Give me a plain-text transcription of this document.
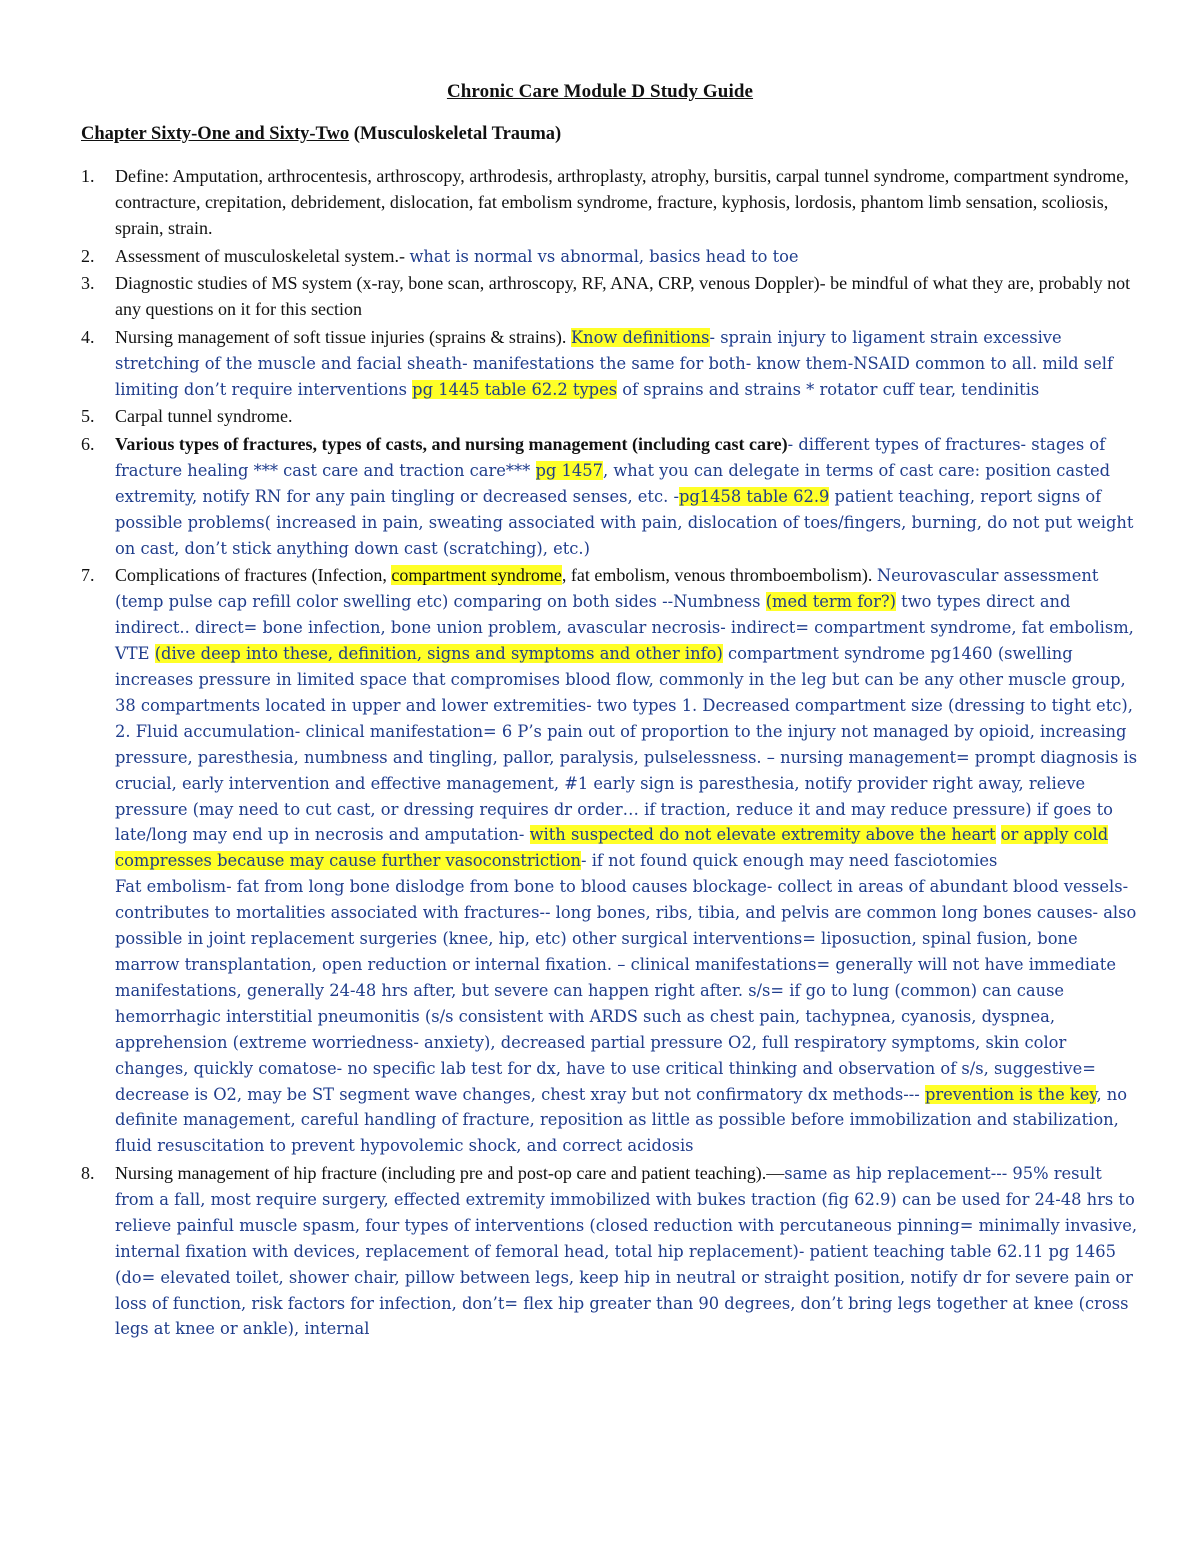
Chronic Care Module D Study Guide
Chapter Sixty-One and Sixty-Two (Musculoskeletal Trauma)
1. Define: Amputation, arthrocentesis, arthroscopy, arthrodesis, arthroplasty, atrophy, bursitis, carpal tunnel syndrome, compartment syndrome, contracture, crepitation, debridement, dislocation, fat embolism syndrome, fracture, kyphosis, lordosis, phantom limb sensation, scoliosis, sprain, strain.
2. Assessment of musculoskeletal system.- what is normal vs abnormal, basics head to toe
3. Diagnostic studies of MS system (x-ray, bone scan, arthroscopy, RF, ANA, CRP, venous Doppler)- be mindful of what they are, probably not any questions on it for this section
4. Nursing management of soft tissue injuries (sprains & strains). Know definitions- sprain injury to ligament strain excessive stretching of the muscle and facial sheath- manifestations the same for both- know them-NSAID common to all. mild self limiting don’t require interventions pg 1445 table 62.2 types of sprains and strains * rotator cuff tear, tendinitis
5. Carpal tunnel syndrome.
6. Various types of fractures, types of casts, and nursing management (including cast care)- different types of fractures- stages of fracture healing *** cast care and traction care*** pg 1457, what you can delegate in terms of cast care: position casted extremity, notify RN for any pain tingling or decreased senses, etc. -pg1458 table 62.9 patient teaching, report signs of possible problems( increased in pain, sweating associated with pain, dislocation of toes/fingers, burning, do not put weight on cast, don’t stick anything down cast (scratching), etc.)
7. Complications of fractures (Infection, compartment syndrome, fat embolism, venous thromboembolism). Neurovascular assessment (temp pulse cap refill color swelling etc) comparing on both sides --Numbness (med term for?) two types direct and indirect.. direct= bone infection, bone union problem, avascular necrosis- indirect= compartment syndrome, fat embolism, VTE (dive deep into these, definition, signs and symptoms and other info) compartment syndrome pg1460 (swelling increases pressure in limited space that compromises blood flow, commonly in the leg but can be any other muscle group, 38 compartments located in upper and lower extremities- two types 1. Decreased compartment size (dressing to tight etc), 2. Fluid accumulation- clinical manifestation= 6 P’s pain out of proportion to the injury not managed by opioid, increasing pressure, paresthesia, numbness and tingling, pallor, paralysis, pulselessness. – nursing management= prompt diagnosis is crucial, early intervention and effective management, #1 early sign is paresthesia, notify provider right away, relieve pressure (may need to cut cast, or dressing requires dr order… if traction, reduce it and may reduce pressure) if goes to late/long may end up in necrosis and amputation- with suspected do not elevate extremity above the heart or apply cold compresses because may cause further vasoconstriction- if not found quick enough may need fasciotomies
Fat embolism- fat from long bone dislodge from bone to blood causes blockage- collect in areas of abundant blood vessels- contributes to mortalities associated with fractures-- long bones, ribs, tibia, and pelvis are common long bones causes- also possible in joint replacement surgeries (knee, hip, etc) other surgical interventions= liposuction, spinal fusion, bone marrow transplantation, open reduction or internal fixation. – clinical manifestations= generally will not have immediate manifestations, generally 24-48 hrs after, but severe can happen right after. s/s= if go to lung (common) can cause hemorrhagic interstitial pneumonitis (s/s consistent with ARDS such as chest pain, tachypnea, cyanosis, dyspnea, apprehension (extreme worriedness- anxiety), decreased partial pressure O2, full respiratory symptoms, skin color changes, quickly comatose- no specific lab test for dx, have to use critical thinking and observation of s/s, suggestive= decrease is O2, may be ST segment wave changes, chest xray but not confirmatory dx methods--- prevention is the key, no definite management, careful handling of fracture, reposition as little as possible before immobilization and stabilization, fluid resuscitation to prevent hypovolemic shock, and correct acidosis
8. Nursing management of hip fracture (including pre and post-op care and patient teaching).—same as hip replacement--- 95% result from a fall, most require surgery, effected extremity immobilized with bukes traction (fig 62.9) can be used for 24-48 hrs to relieve painful muscle spasm, four types of interventions (closed reduction with percutaneous pinning= minimally invasive, internal fixation with devices, replacement of femoral head, total hip replacement)- patient teaching table 62.11 pg 1465 (do= elevated toilet, shower chair, pillow between legs, keep hip in neutral or straight position, notify dr for severe pain or loss of function, risk factors for infection, don’t= flex hip greater than 90 degrees, don’t bring legs together at knee (cross legs at knee or ankle), internal
